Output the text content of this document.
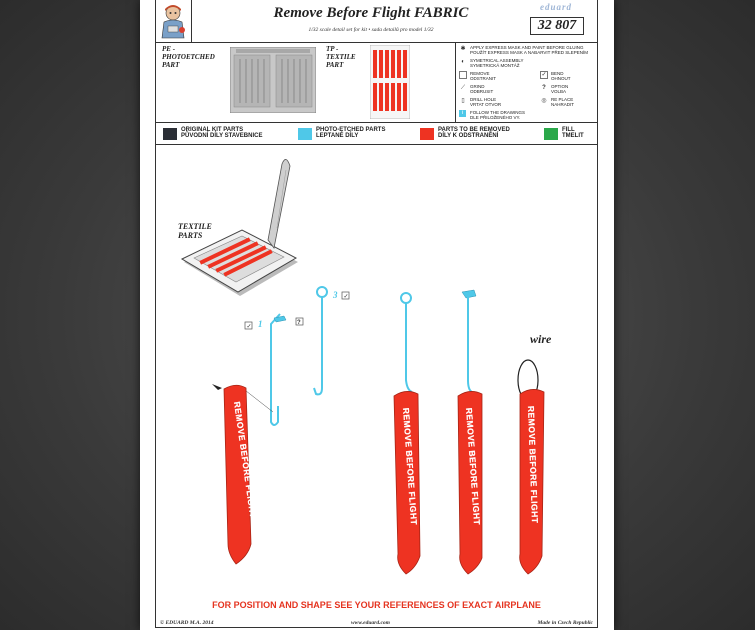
Remove Before Flight FABRIC
1/32 scale detail set for kit • sada detailů pro model 1/32
eduard
32 807
PE -
PHOTOETCHED
PART
TP -
TEXTILE
PART
✱ APPLY EXPRESS MASK AND PAINT BEFORE GLUING
POUŽÍT EXPRESS MASK A NABARVIT PŘED SLEPENÍM
◐	SYMETRICAL ASSEMBLY
SYMETRICKÁ MONTÁŽ
REMOVE
ODSTRANIT
✓ BEND
OHNOUT
⟋	GRIND
ODBRUSIT
?	OPTION
VOLBA
▯	DRILL HOLE
VRTAT OTVOR
◎ RE PLACE
NAHRADIT
i	FOLLOW THE DRAWINGS
DLE PŘILOŽENÉHO VY.
ORIGINAL KIT PARTS
PŮVODNÍ DÍLY STAVEBNICE
PHOTO-ETCHED PARTS
LEPTANÉ DÍLY
PARTS TO BE REMOVED
DÍLY K ODSTRANĚNÍ
FILL
TMELIT
TEXTILE
PARTS
✓
?
✓
REMOVE BEFORE FLIGHT	REMOVE BEFORE FLIGHT	REMOVE BEFORE FLIGHT	REMOVE BEFORE FLIGHT
1
3
wire
FOR POSITION AND SHAPE SEE YOUR REFERENCES OF EXACT AIRPLANE
© EDUARD M.A. 2014	www.eduard.com	Made in Czech Republic
